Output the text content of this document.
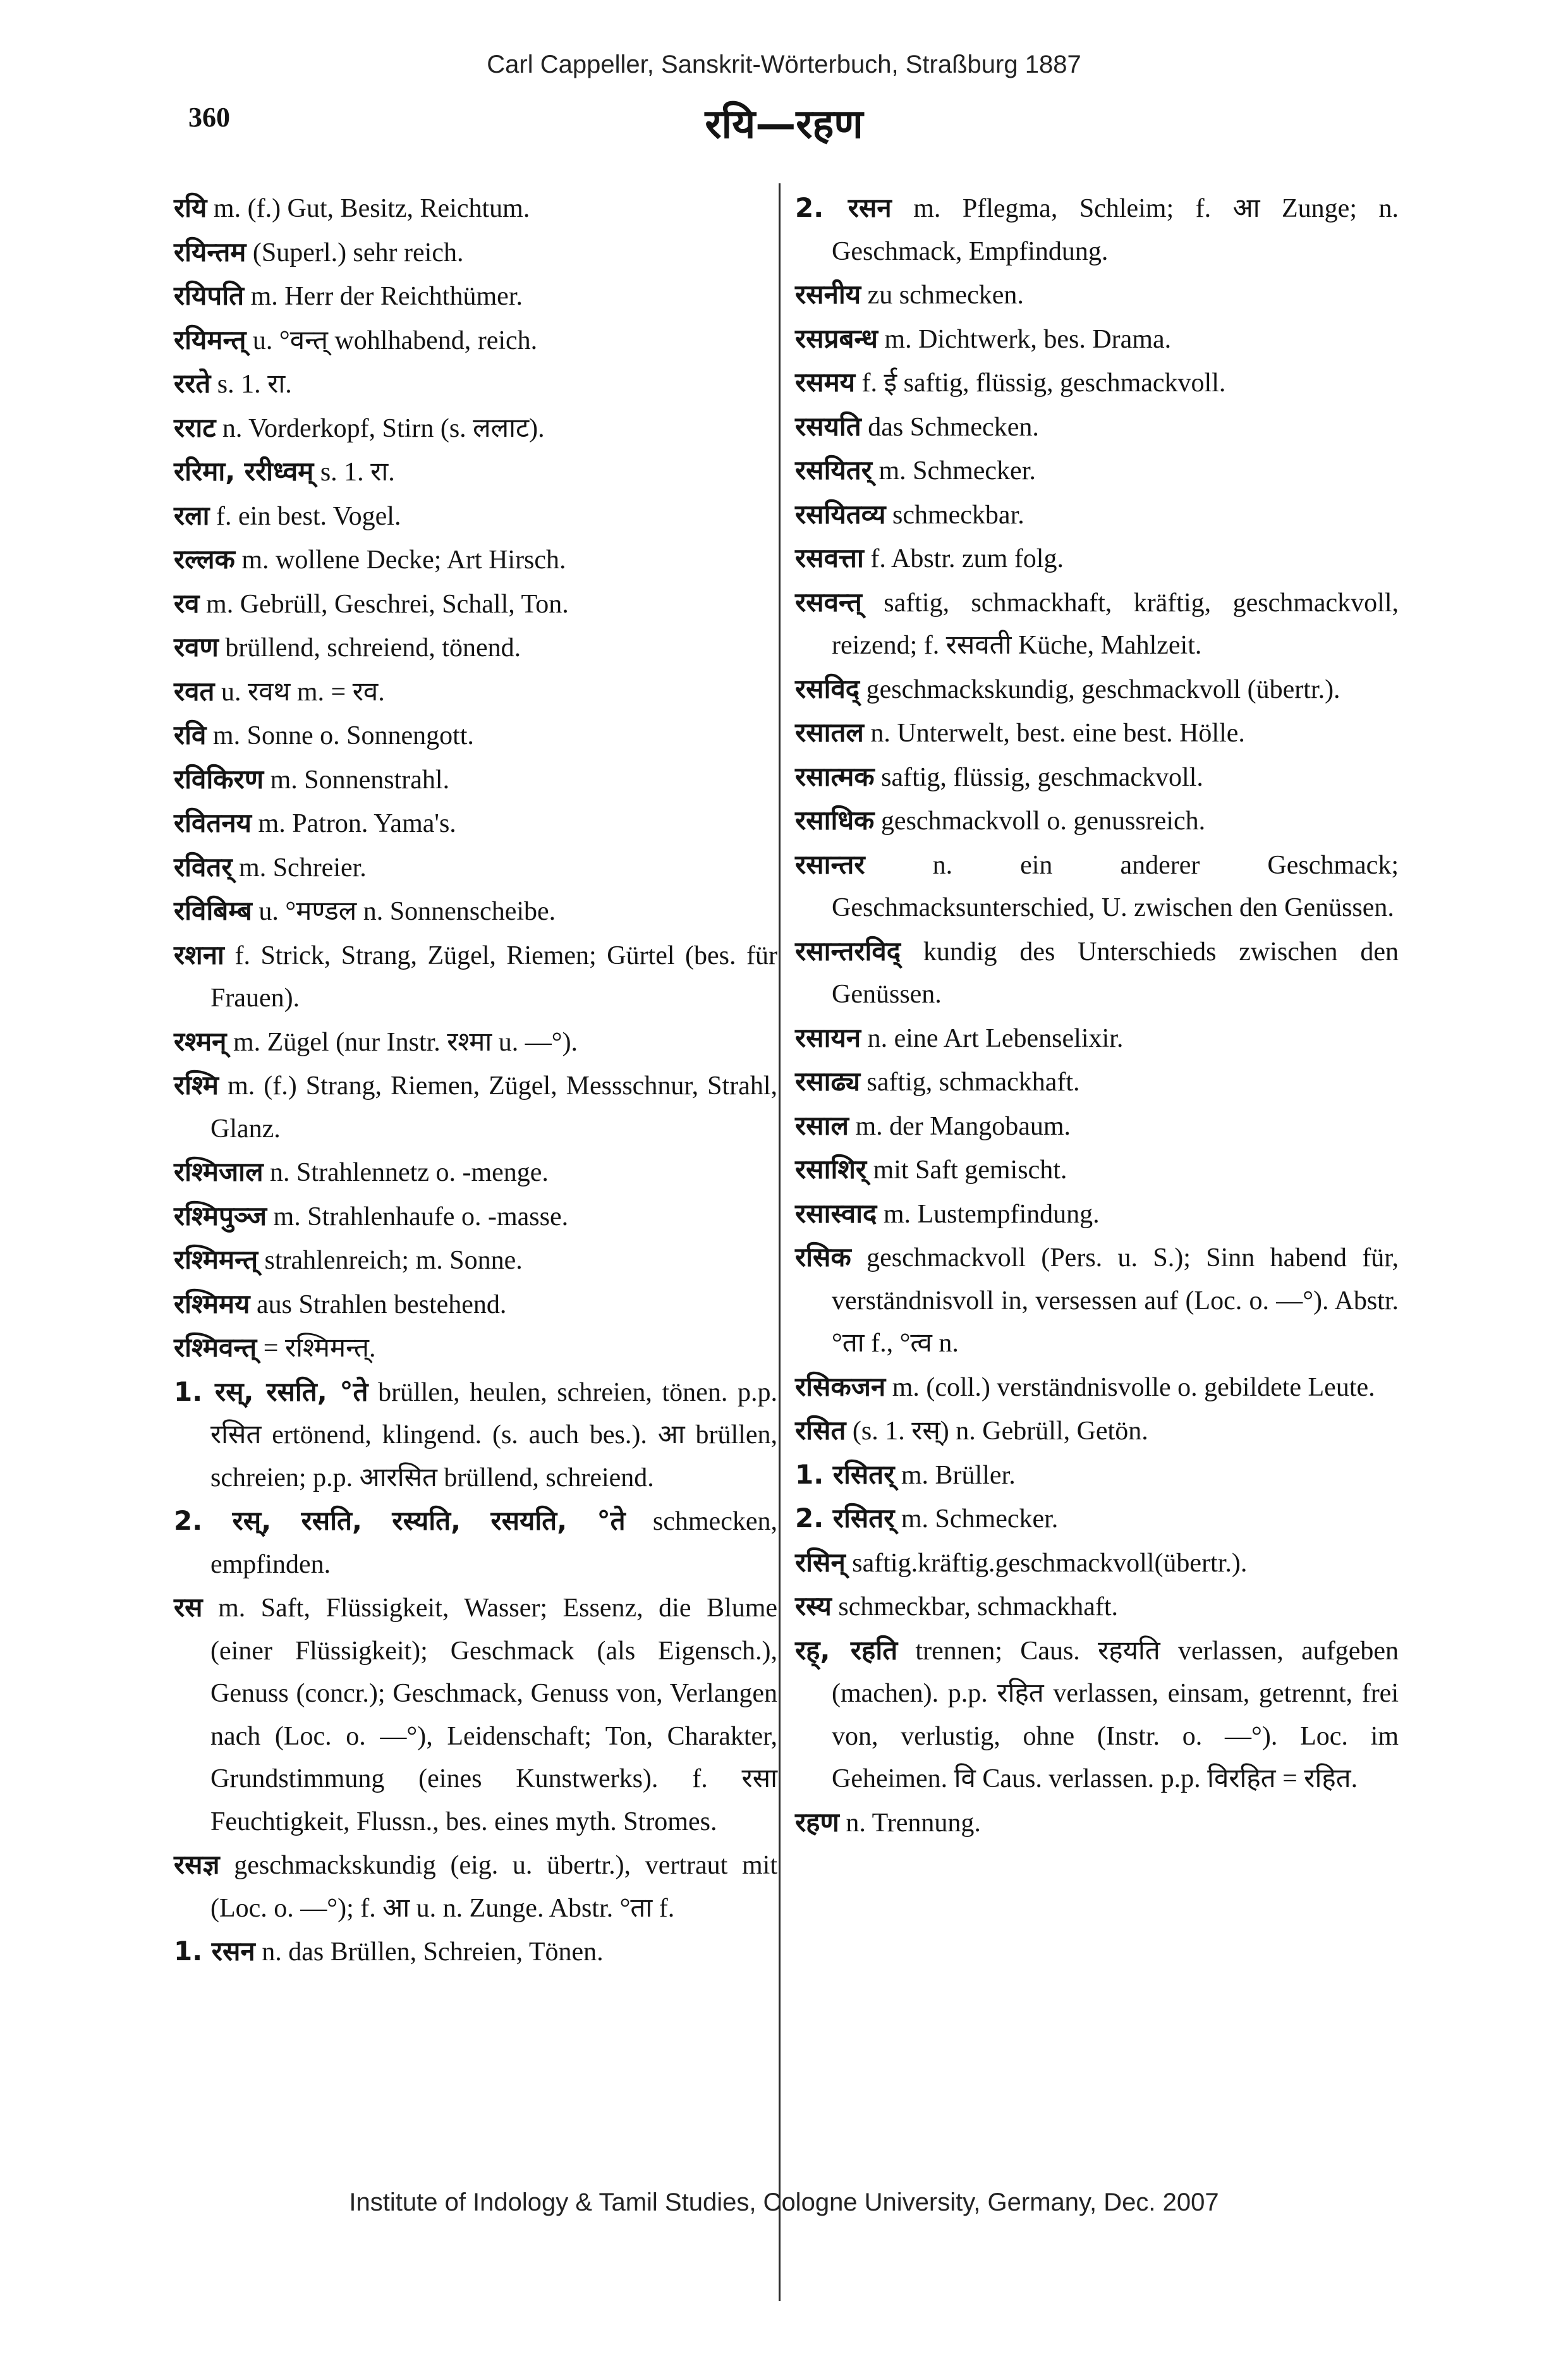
Carl Cappeller, Sanskrit-Wörterbuch, Straßburg 1887
360	रयि—रहण
रयि m. (f.) Gut, Besitz, Reichtum.
रयिन्तम (Superl.) sehr reich.
रयिपति m. Herr der Reichthümer.
रयिमन्त् u. °वन्त् wohlhabend, reich.
ररते s. 1. रा.
रराट n. Vorderkopf, Stirn (s. ललाट).
ररिमा, ररीध्वम् s. 1. रा.
रला f. ein best. Vogel.
रल्लक m. wollene Decke; Art Hirsch.
रव m. Gebrüll, Geschrei, Schall, Ton.
रवण brüllend, schreiend, tönend.
रवत u. रवथ m. = रव.
रवि m. Sonne o. Sonnengott.
रविकिरण m. Sonnenstrahl.
रवितनय m. Patron. Yama's.
रवितर् m. Schreier.
रविबिम्ब u. °मण्डल n. Sonnenscheibe.
रशना f. Strick, Strang, Zügel, Riemen; Gürtel (bes. für Frauen).
रश्मन् m. Zügel (nur Instr. रश्मा u. —°).
रश्मि m. (f.) Strang, Riemen, Zügel, Messschnur, Strahl, Glanz.
रश्मिजाल n. Strahlennetz o. -menge.
रश्मिपुञ्ज m. Strahlenhaufe o. -masse.
रश्मिमन्त् strahlenreich; m. Sonne.
रश्मिमय aus Strahlen bestehend.
रश्मिवन्त् = रश्मिमन्त्.
1. रस्, रसति, °ते brüllen, heulen, schreien, tönen. p.p. रसित ertönend, klingend. (s. auch bes.). आ brüllen, schreien; p.p. आरसित brüllend, schreiend.
2. रस्, रसति, रस्यति, रसयति, °ते schmecken, empfinden.
रस m. Saft, Flüssigkeit, Wasser; Essenz, die Blume (einer Flüssigkeit); Geschmack (als Eigensch.), Genuss (concr.); Geschmack, Genuss von, Verlangen nach (Loc. o. —°), Leidenschaft; Ton, Charakter, Grundstimmung (eines Kunstwerks). f. रसा Feuchtigkeit, Flussn., bes. eines myth. Stromes.
रसज्ञ geschmackskundig (eig. u. übertr.), vertraut mit (Loc. o. —°); f. आ u. n. Zunge. Abstr. °ता f.
1. रसन n. das Brüllen, Schreien, Tönen.
2. रसन m. Pflegma, Schleim; f. आ Zunge; n. Geschmack, Empfindung.
रसनीय zu schmecken.
रसप्रबन्ध m. Dichtwerk, bes. Drama.
रसमय f. ई saftig, flüssig, geschmackvoll.
रसयति das Schmecken.
रसयितर् m. Schmecker.
रसयितव्य schmeckbar.
रसवत्ता f. Abstr. zum folg.
रसवन्त् saftig, schmackhaft, kräftig, geschmackvoll, reizend; f. रसवती Küche, Mahlzeit.
रसविद् geschmackskundig, geschmackvoll (übertr.).
रसातल n. Unterwelt, best. eine best. Hölle.
रसात्मक saftig, flüssig, geschmackvoll.
रसाधिक geschmackvoll o. genussreich.
रसान्तर	n. ein anderer Geschmack; Geschmacksunterschied, U. zwischen den Genüssen.
रसान्तरविद् kundig des Unterschieds zwischen den Genüssen.
रसायन n. eine Art Lebenselixir.
रसाढ्य saftig, schmackhaft.
रसाल m. der Mangobaum.
रसाशिर् mit Saft gemischt.
रसास्वाद m. Lustempfindung.
रसिक geschmackvoll (Pers. u. S.); Sinn habend für, verständnisvoll in, versessen auf (Loc. o. —°). Abstr. °ता f., °त्व n.
रसिकजन m. (coll.) verständnisvolle o. gebildete Leute.
रसित (s. 1. रस्) n. Gebrüll, Getön.
1. रसितर् m. Brüller.
2. रसितर् m. Schmecker.
रसिन् saftig.kräftig.geschmackvoll(übertr.).
रस्य schmeckbar, schmackhaft.
रह्, रहति trennen; Caus. रहयति verlassen, aufgeben (machen). p.p. रहित verlassen, einsam, getrennt, frei von, verlustig, ohne (Instr. o. —°). Loc. im Geheimen. वि Caus. verlassen. p.p. विरहित = रहित.
रहण n. Trennung.
Institute of Indology & Tamil Studies, Cologne University, Germany, Dec. 2007
